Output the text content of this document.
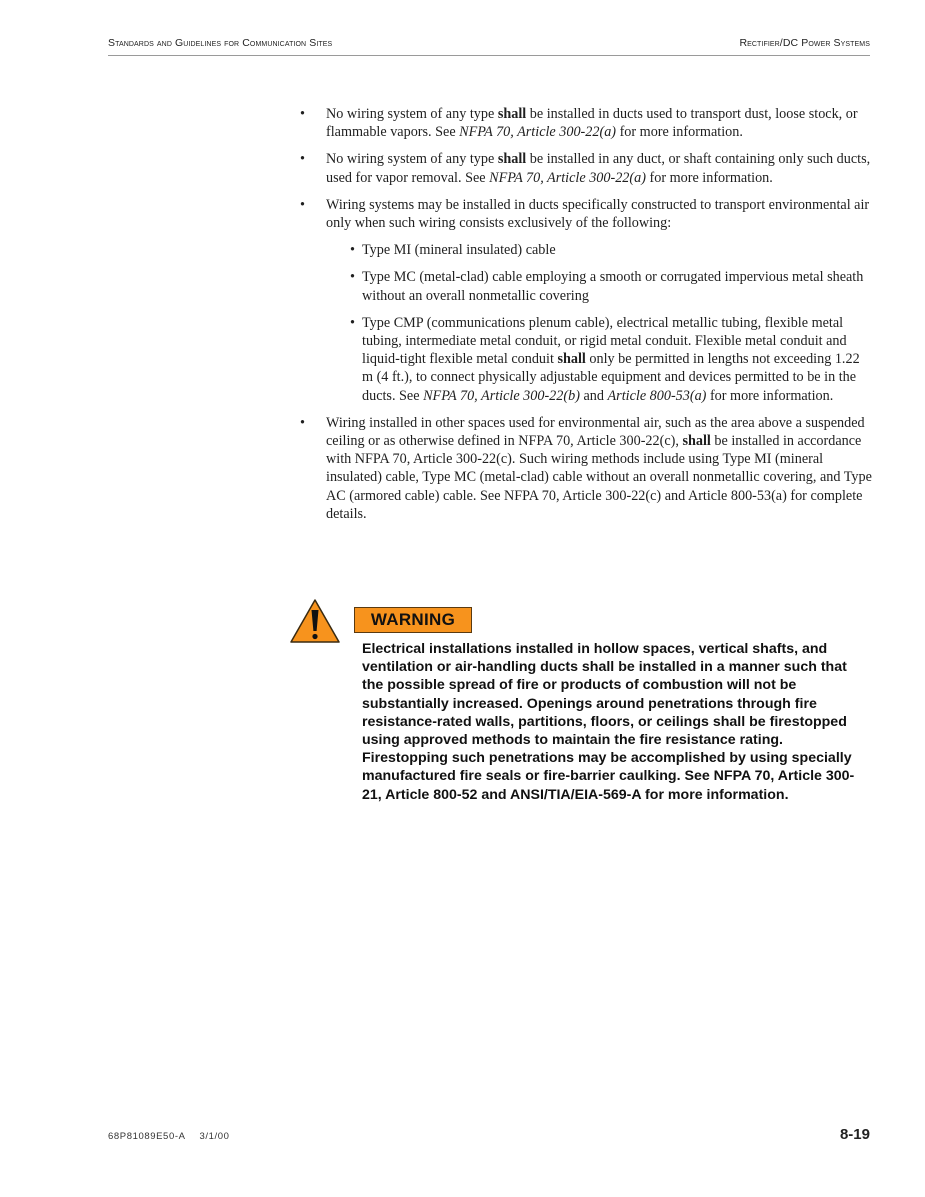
Standards and Guidelines for Communication Sites	Rectifier/DC Power Systems
• No wiring system of any type shall be installed in ducts used to transport dust, loose stock, or flammable vapors. See NFPA 70, Article 300-22(a) for more information.
• No wiring system of any type shall be installed in any duct, or shaft containing only such ducts, used for vapor removal. See NFPA 70, Article 300-22(a) for more information.
• Wiring systems may be installed in ducts specifically constructed to transport environmental air only when such wiring consists exclusively of the following:
• Type MI (mineral insulated) cable
• Type MC (metal-clad) cable employing a smooth or corrugated impervious metal sheath without an overall nonmetallic covering
• Type CMP (communications plenum cable), electrical metallic tubing, flexible metal tubing, intermediate metal conduit, or rigid metal conduit. Flexible metal conduit and liquid-tight flexible metal conduit shall only be permitted in lengths not exceeding 1.22 m (4 ft.), to connect physically adjustable equipment and devices permitted to be in the ducts. See NFPA 70, Article 300-22(b) and Article 800-53(a) for more information.
• Wiring installed in other spaces used for environmental air, such as the area above a suspended ceiling or as otherwise defined in NFPA 70, Article 300-22(c), shall be installed in accordance with NFPA 70, Article 300-22(c). Such wiring methods include using Type MI (mineral insulated) cable, Type MC (metal-clad) cable without an overall nonmetallic covering, and Type AC (armored cable) cable. See NFPA 70, Article 300-22(c) and Article 800-53(a) for complete details.
WARNING
Electrical installations installed in hollow spaces, vertical shafts, and ventilation or air-handling ducts shall be installed in a manner such that the possible spread of fire or products of combustion will not be substantially increased. Openings around penetrations through fire resistance-rated walls, partitions, floors, or ceilings shall be firestopped using approved methods to maintain the fire resistance rating. Firestopping such penetrations may be accomplished by using specially manufactured fire seals or fire-barrier caulking. See NFPA 70, Article 300-21, Article 800-52 and ANSI/TIA/EIA-569-A for more information.
68P81089E50-A 3/1/00	8-19
